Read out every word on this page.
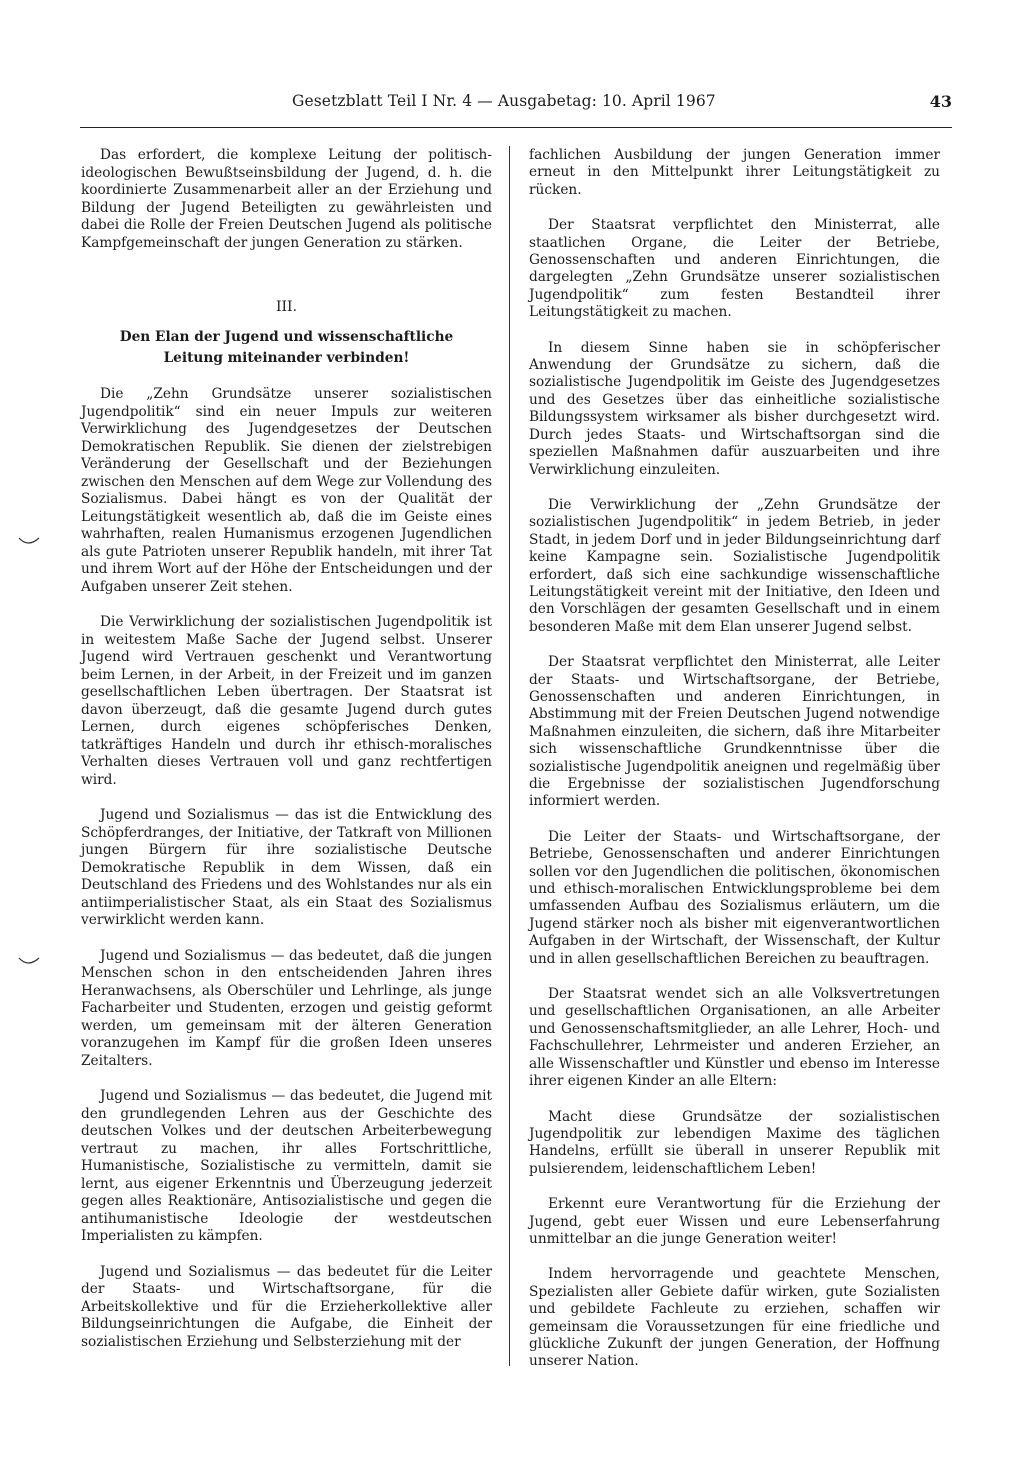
Gesetzblatt Teil I Nr. 4 — Ausgabetag: 10. April 1967	43

Das erfordert, die komplexe Leitung der politisch-ideologischen Bewußtseinsbildung der Jugend, d. h. die koordinierte Zusammenarbeit aller an der Erziehung und Bildung der Jugend Beteiligten zu gewährleisten und dabei die Rolle der Freien Deutschen Jugend als politische Kampfgemeinschaft der jungen Generation zu stärken.

III.
Den Elan der Jugend und wissenschaftliche Leitung miteinander verbinden!

Die „Zehn Grundsätze unserer sozialistischen Jugendpolitik“ sind ein neuer Impuls zur weiteren Verwirklichung des Jugendgesetzes der Deutschen Demokratischen Republik. Sie dienen der zielstrebigen Veränderung der Gesellschaft und der Beziehungen zwischen den Menschen auf dem Wege zur Vollendung des Sozialismus. Dabei hängt es von der Qualität der Leitungstätigkeit wesentlich ab, daß die im Geiste eines wahrhaften, realen Humanismus erzogenen Jugendlichen als gute Patrioten unserer Republik handeln, mit ihrer Tat und ihrem Wort auf der Höhe der Entscheidungen und der Aufgaben unserer Zeit stehen.

Die Verwirklichung der sozialistischen Jugendpolitik ist in weitestem Maße Sache der Jugend selbst. Unserer Jugend wird Vertrauen geschenkt und Verantwortung beim Lernen, in der Arbeit, in der Freizeit und im ganzen gesellschaftlichen Leben übertragen. Der Staatsrat ist davon überzeugt, daß die gesamte Jugend durch gutes Lernen, durch eigenes schöpferisches Denken, tatkräftiges Handeln und durch ihr ethisch-moralisches Verhalten dieses Vertrauen voll und ganz rechtfertigen wird.

Jugend und Sozialismus — das ist die Entwicklung des Schöpferdranges, der Initiative, der Tatkraft von Millionen jungen Bürgern für ihre sozialistische Deutsche Demokratische Republik in dem Wissen, daß ein Deutschland des Friedens und des Wohlstandes nur als ein antiimperialistischer Staat, als ein Staat des Sozialismus verwirklicht werden kann.

Jugend und Sozialismus — das bedeutet, daß die jungen Menschen schon in den entscheidenden Jahren ihres Heranwachsens, als Oberschüler und Lehrlinge, als junge Facharbeiter und Studenten, erzogen und geistig geformt werden, um gemeinsam mit der älteren Generation voranzugehen im Kampf für die großen Ideen unseres Zeitalters.

Jugend und Sozialismus — das bedeutet, die Jugend mit den grundlegenden Lehren aus der Geschichte des deutschen Volkes und der deutschen Arbeiterbewegung vertraut zu machen, ihr alles Fortschrittliche, Humanistische, Sozialistische zu vermitteln, damit sie lernt, aus eigener Erkenntnis und Überzeugung jederzeit gegen alles Reaktionäre, Antisozialistische und gegen die antihumanistische Ideologie der westdeutschen Imperialisten zu kämpfen.

Jugend und Sozialismus — das bedeutet für die Leiter der Staats- und Wirtschaftsorgane, für die Arbeitskollektive und für die Erzieherkollektive aller Bildungseinrichtungen die Aufgabe, die Einheit der sozialistischen Erziehung und Selbsterziehung mit der

fachlichen Ausbildung der jungen Generation immer erneut in den Mittelpunkt ihrer Leitungstätigkeit zu rücken.

Der Staatsrat verpflichtet den Ministerrat, alle staatlichen Organe, die Leiter der Betriebe, Genossenschaften und anderen Einrichtungen, die dargelegten „Zehn Grundsätze unserer sozialistischen Jugendpolitik“ zum festen Bestandteil ihrer Leitungstätigkeit zu machen.

In diesem Sinne haben sie in schöpferischer Anwendung der Grundsätze zu sichern, daß die sozialistische Jugendpolitik im Geiste des Jugendgesetzes und des Gesetzes über das einheitliche sozialistische Bildungssystem wirksamer als bisher durchgesetzt wird. Durch jedes Staats- und Wirtschaftsorgan sind die speziellen Maßnahmen dafür auszuarbeiten und ihre Verwirklichung einzuleiten.

Die Verwirklichung der „Zehn Grundsätze der sozialistischen Jugendpolitik“ in jedem Betrieb, in jeder Stadt, in jedem Dorf und in jeder Bildungseinrichtung darf keine Kampagne sein. Sozialistische Jugendpolitik erfordert, daß sich eine sachkundige wissenschaftliche Leitungstätigkeit vereint mit der Initiative, den Ideen und den Vorschlägen der gesamten Gesellschaft und in einem besonderen Maße mit dem Elan unserer Jugend selbst.

Der Staatsrat verpflichtet den Ministerrat, alle Leiter der Staats- und Wirtschaftsorgane, der Betriebe, Genossenschaften und anderen Einrichtungen, in Abstimmung mit der Freien Deutschen Jugend notwendige Maßnahmen einzuleiten, die sichern, daß ihre Mitarbeiter sich wissenschaftliche Grundkenntnisse über die sozialistische Jugendpolitik aneignen und regelmäßig über die Ergebnisse der sozialistischen Jugendforschung informiert werden.

Die Leiter der Staats- und Wirtschaftsorgane, der Betriebe, Genossenschaften und anderer Einrichtungen sollen vor den Jugendlichen die politischen, ökonomischen und ethisch-moralischen Entwicklungsprobleme bei dem umfassenden Aufbau des Sozialismus erläutern, um die Jugend stärker noch als bisher mit eigenverantwortlichen Aufgaben in der Wirtschaft, der Wissenschaft, der Kultur und in allen gesellschaftlichen Bereichen zu beauftragen.

Der Staatsrat wendet sich an alle Volksvertretungen und gesellschaftlichen Organisationen, an alle Arbeiter und Genossenschaftsmitglieder, an alle Lehrer, Hoch- und Fachschullehrer, Lehrmeister und anderen Erzieher, an alle Wissenschaftler und Künstler und ebenso im Interesse ihrer eigenen Kinder an alle Eltern:

Macht diese Grundsätze der sozialistischen Jugendpolitik zur lebendigen Maxime des täglichen Handelns, erfüllt sie überall in unserer Republik mit pulsierendem, leidenschaftlichem Leben!

Erkennt eure Verantwortung für die Erziehung der Jugend, gebt euer Wissen und eure Lebenserfahrung unmittelbar an die junge Generation weiter!

Indem hervorragende und geachtete Menschen, Spezialisten aller Gebiete dafür wirken, gute Sozialisten und gebildete Fachleute zu erziehen, schaffen wir gemeinsam die Voraussetzungen für eine friedliche und glückliche Zukunft der jungen Generation, der Hoffnung unserer Nation.
